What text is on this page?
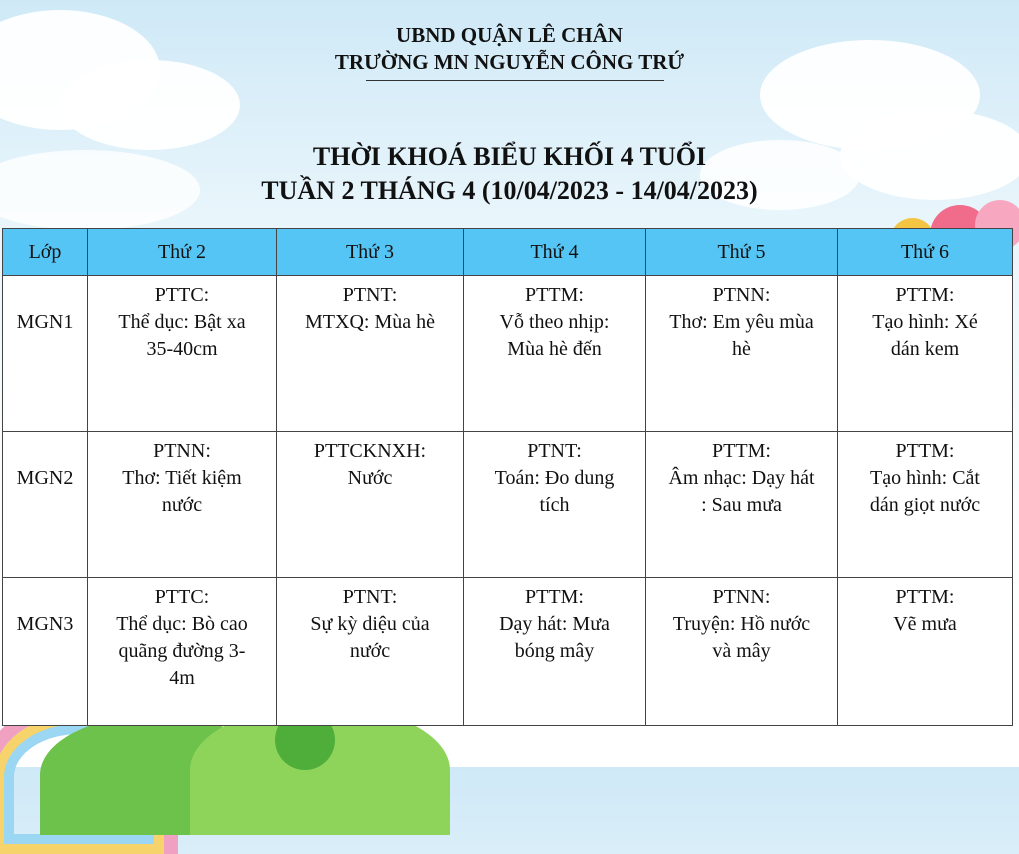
UBND QUẬN LÊ CHÂN
TRƯỜNG MN NGUYỄN CÔNG TRỨ
THỜI KHOÁ BIỂU KHỐI 4 TUỔI
TUẦN 2 THÁNG 4 (10/04/2023 - 14/04/2023)
Lớp	Thứ 2	Thứ 3	Thứ 4	Thứ 5	Thứ 6
MGN1	PTTC:
Thể dục: Bật xa
35-40cm	PTNT:
MTXQ: Mùa hè	PTTM:
Vỗ theo nhịp:
Mùa hè đến	PTNN:
Thơ: Em yêu mùa
hè	PTTM:
Tạo hình: Xé
dán kem

MGN2	PTNN:
Thơ: Tiết kiệm
nước	PTTCKNXH:
Nước	PTNT:
Toán: Đo dung
tích	PTTM:
Âm nhạc: Dạy hát
: Sau mưa	PTTM:
Tạo hình: Cắt
dán giọt nước

MGN3	PTTC:
Thể dục: Bò cao
quãng đường 3-
4m	PTNT:
Sự kỳ diệu của
nước	PTTM:
Dạy hát: Mưa
bóng mây	PTNN:
Truyện: Hồ nước
và mây	PTTM:
Vẽ mưa
